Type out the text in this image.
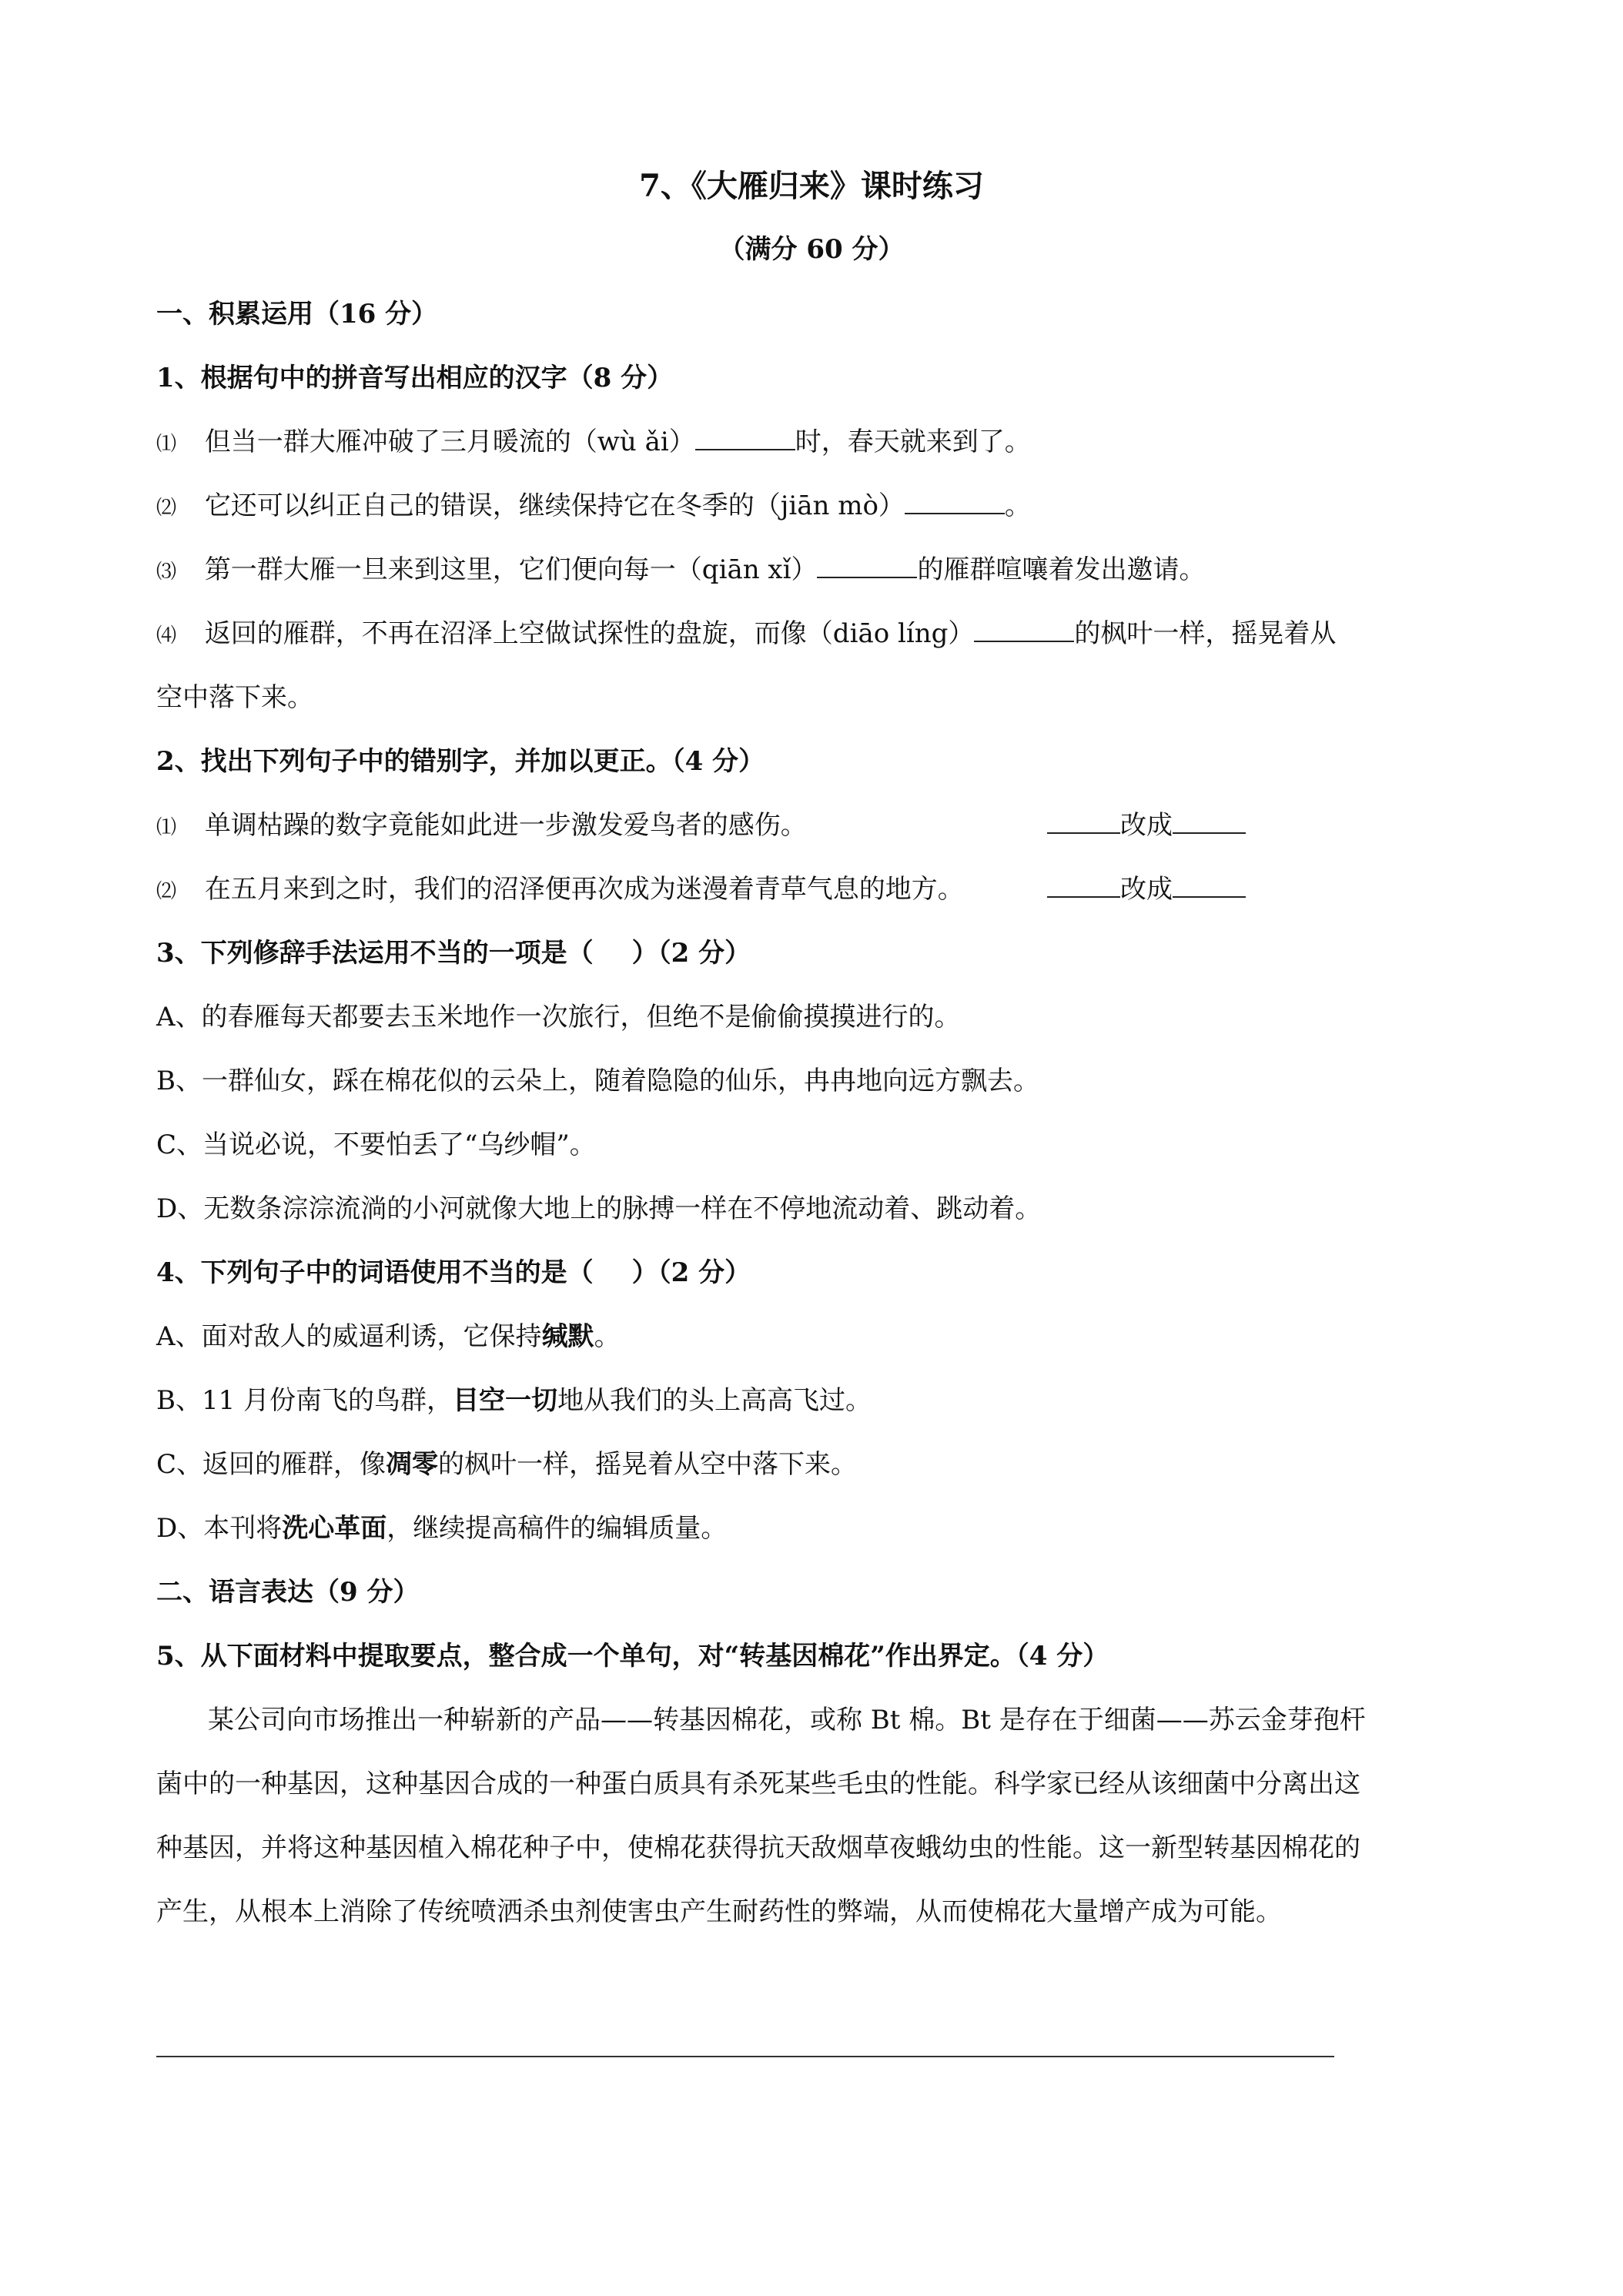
7、《大雁归来》课时练习
（满分 60 分）
一、积累运用（16 分）
1、根据句中的拼音写出相应的汉字（8 分）
⑴ 但当一群大雁冲破了三月暖流的（wù ǎi）	时，春天就来到了。
⑵ 它还可以纠正自己的错误，继续保持它在冬季的（jiān mò）	。
⑶ 第一群大雁一旦来到这里，它们便向每一（qiān xǐ）	的雁群喧嚷着发出邀请。
⑷ 返回的雁群，不再在沼泽上空做试探性的盘旋，而像（diāo líng）	的枫叶一样，摇晃着从
空中落下来。
2、找出下列句子中的错别字，并加以更正。（4 分）
⑴ 单调枯躁的数字竟能如此进一步激发爱鸟者的感伤。	改成
⑵ 在五月来到之时，我们的沼泽便再次成为迷漫着青草气息的地方。	改成
3、下列修辞手法运用不当的一项是（ ）（2 分）
A、的春雁每天都要去玉米地作一次旅行，但绝不是偷偷摸摸进行的。
B、一群仙女，踩在棉花似的云朵上，随着隐隐的仙乐，冉冉地向远方飘去。
C、当说必说，不要怕丢了“乌纱帽”。
D、无数条淙淙流淌的小河就像大地上的脉搏一样在不停地流动着、跳动着。
4、下列句子中的词语使用不当的是（ ）（2 分）
A、面对敌人的威逼利诱，它保持缄默。
B、11 月份南飞的鸟群，目空一切地从我们的头上高高飞过。
C、返回的雁群，像凋零的枫叶一样，摇晃着从空中落下来。
D、本刊将洗心革面，继续提高稿件的编辑质量。
二、语言表达（9 分）
5、从下面材料中提取要点，整合成一个单句，对“转基因棉花”作出界定。（4 分）
某公司向市场推出一种崭新的产品——转基因棉花，或称 Bt 棉。Bt 是存在于细菌——苏云金芽孢杆
菌中的一种基因，这种基因合成的一种蛋白质具有杀死某些毛虫的性能。科学家已经从该细菌中分离出这
种基因，并将这种基因植入棉花种子中，使棉花获得抗天敌烟草夜蛾幼虫的性能。这一新型转基因棉花的
产生，从根本上消除了传统喷洒杀虫剂使害虫产生耐药性的弊端，从而使棉花大量增产成为可能。
